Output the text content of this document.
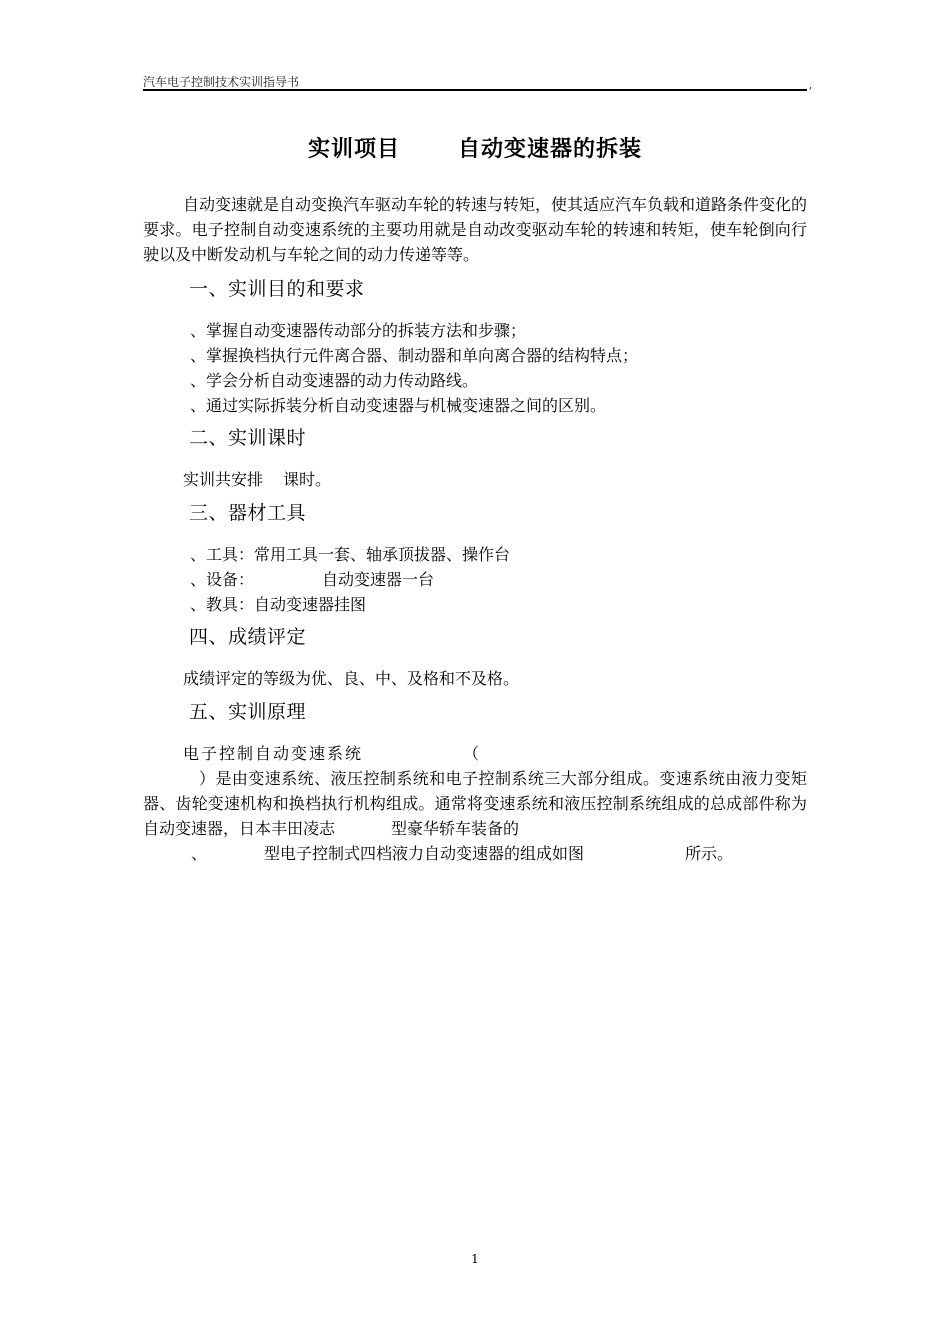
汽车电子控制技术实训指导书	,
实训项目	自动变速器的拆装
自动变速就是自动变换汽车驱动车轮的转速与转矩，使其适应汽车负载和道路条件变化的要求。电子控制自动变速系统的主要功用就是自动改变驱动车轮的转速和转矩，使车轮倒向行驶以及中断发动机与车轮之间的动力传递等等。
一、实训目的和要求
、掌握自动变速器传动部分的拆装方法和步骤；
、掌握换档执行元件离合器、制动器和单向离合器的结构特点；
、学会分析自动变速器的动力传动路线。
、通过实际拆装分析自动变速器与机械变速器之间的区别。
二、实训课时
实训共安排 课时。
三、器材工具
、工具：常用工具一套、轴承顶拔器、操作台
、设备：	自动变速器一台
、教具：自动变速器挂图
四、成绩评定
成绩评定的等级为优、良、中、及格和不及格。
五、实训原理
电子控制自动变速系统	（
）是由变速系统、液压控制系统和电子控制系统三大部分组成。变速系统由液力变矩器、齿轮变速机构和换档执行机构组成。通常将变速系统和液压控制系统组成的总成部件称为自动变速器，日本丰田凌志	型豪华轿车装备的
、	型电子控制式四档液力自动变速器的组成如图	所示。
1
